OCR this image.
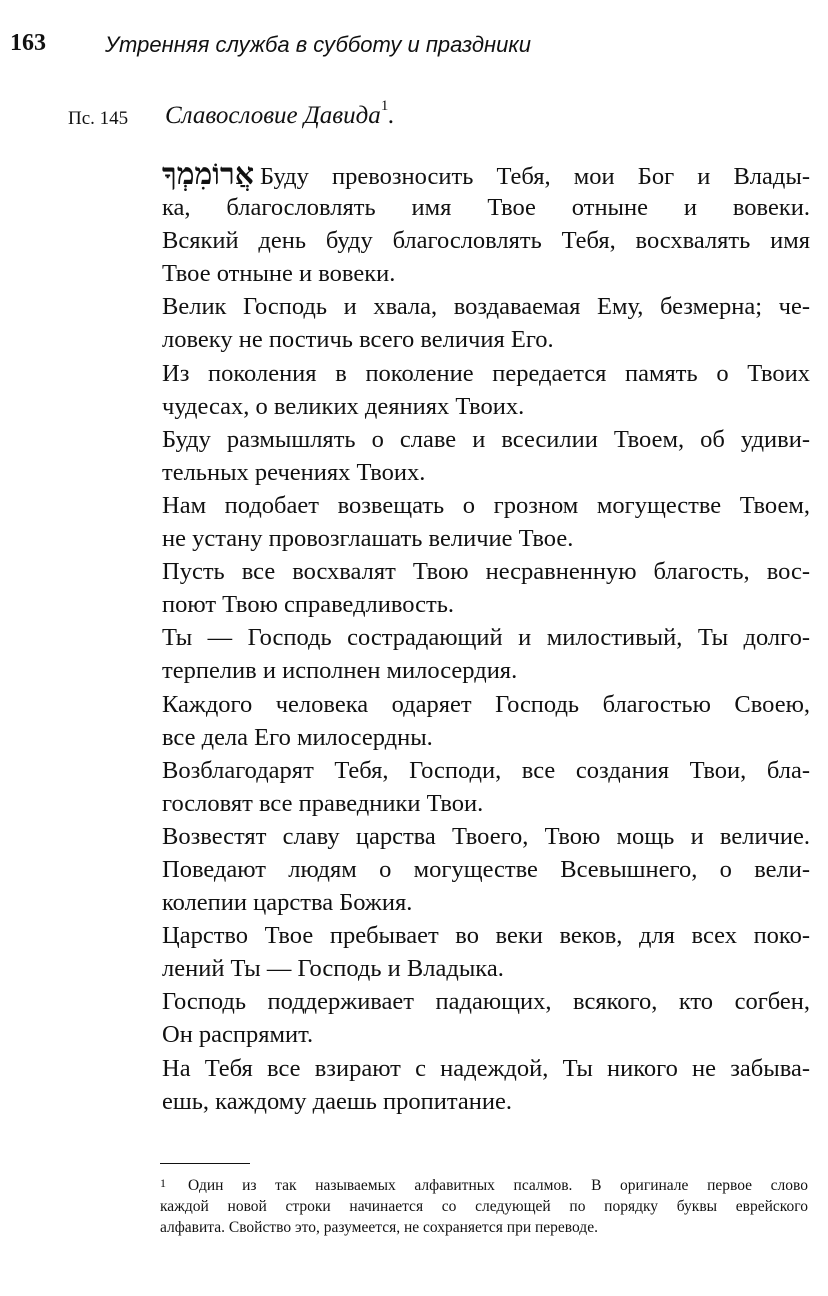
163	Утренняя служба в субботу и праздники
Пс. 145 Славословие Давида$^1$.
אֲרוֹמִמְךָ Буду превозносить Тебя, мои Бог и Влады-
ка, благословлять имя Твое отныне и вовеки.
Всякий день буду благословлять Тебя, восхвалять имя
Твое отныне и вовеки.
Велик Господь и хвала, воздаваемая Ему, безмерна; че-
ловеку не постичь всего величия Его.
Из поколения в поколение передается память о Твоих
чудесах, о великих деяниях Твоих.
Буду размышлять о славе и всесилии Твоем, об удиви-
тельных речениях Твоих.
Нам подобает возвещать о грозном могуществе Твоем,
не устану провозглашать величие Твое.
Пусть все восхвалят Твою несравненную благость, вос-
поют Твою справедливость.
Ты — Господь сострадающий и милостивый, Ты долго-
терпелив и исполнен милосердия.
Каждого человека одаряет Господь благостью Своею,
все дела Его милосердны.
Возблагодарят Тебя, Господи, все создания Твои, бла-
гословят все праведники Твои.
Возвестят славу царства Твоего, Твою мощь и величие.
Поведают людям о могуществе Всевышнего, о вели-
колепии царства Божия.
Царство Твое пребывает во веки веков, для всех поко-
лений Ты — Господь и Владыка.
Господь поддерживает падающих, всякого, кто согбен,
Он распрямит.
На Тебя все взирают с надеждой, Ты никого не забыва-
ешь, каждому даешь пропитание.
1	Один из так называемых алфавитных псалмов. В оригинале первое слово
каждой новой строки начинается со следующей по порядку буквы еврейского
алфавита. Свойство это, разумеется, не сохраняется при переводе.
